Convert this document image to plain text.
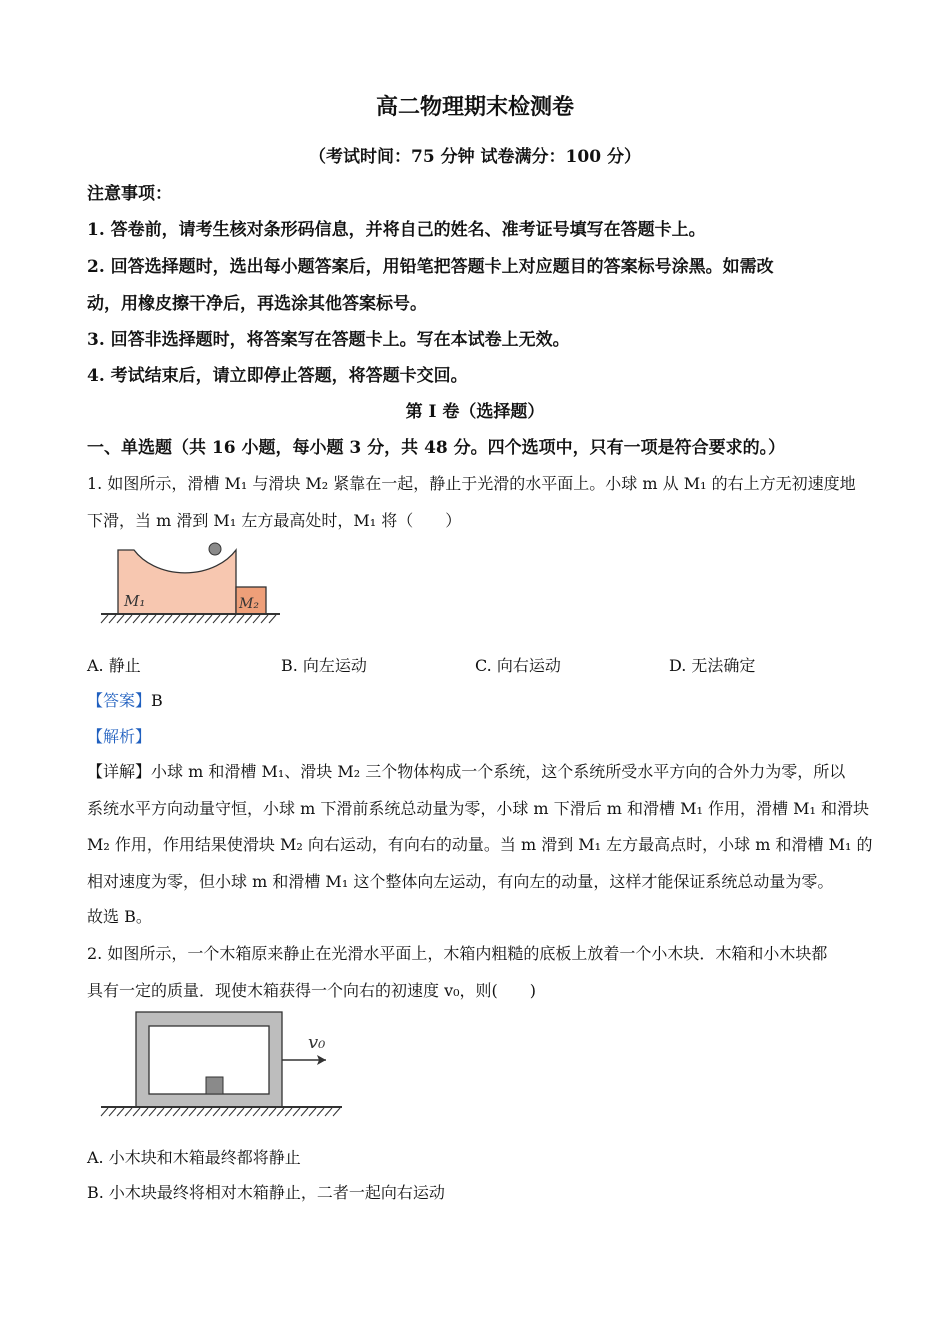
高二物理期末检测卷
（考试时间：75 分钟 试卷满分：100 分）
注意事项：
1. 答卷前，请考生核对条形码信息，并将自己的姓名、准考证号填写在答题卡上。
2. 回答选择题时，选出每小题答案后，用铅笔把答题卡上对应题目的答案标号涂黑。如需改
动，用橡皮擦干净后，再选涂其他答案标号。
3. 回答非选择题时，将答案写在答题卡上。写在本试卷上无效。
4. 考试结束后，请立即停止答题，将答题卡交回。
第 I 卷（选择题）
一、单选题（共 16 小题，每小题 3 分，共 48 分。四个选项中，只有一项是符合要求的。）
1. 如图所示，滑槽 M₁ 与滑块 M₂ 紧靠在一起，静止于光滑的水平面上。小球 m 从 M₁ 的右上方无初速度地
下滑，当 m 滑到 M₁ 左方最高处时，M₁ 将（　　）
M₁	M₂
A. 静止	B. 向左运动	C. 向右运动	D. 无法确定
【答案】B
【解析】
【详解】小球 m 和滑槽 M₁、滑块 M₂ 三个物体构成一个系统，这个系统所受水平方向的合外力为零，所以
系统水平方向动量守恒，小球 m 下滑前系统总动量为零，小球 m 下滑后 m 和滑槽 M₁ 作用，滑槽 M₁ 和滑块
M₂ 作用，作用结果使滑块 M₂ 向右运动，有向右的动量。当 m 滑到 M₁ 左方最高点时，小球 m 和滑槽 M₁ 的
相对速度为零，但小球 m 和滑槽 M₁ 这个整体向左运动，有向左的动量，这样才能保证系统总动量为零。
故选 B。
2. 如图所示，一个木箱原来静止在光滑水平面上，木箱内粗糙的底板上放着一个小木块．木箱和小木块都
具有一定的质量．现使木箱获得一个向右的初速度 v₀，则(　　)
v₀
A. 小木块和木箱最终都将静止
B. 小木块最终将相对木箱静止，二者一起向右运动
